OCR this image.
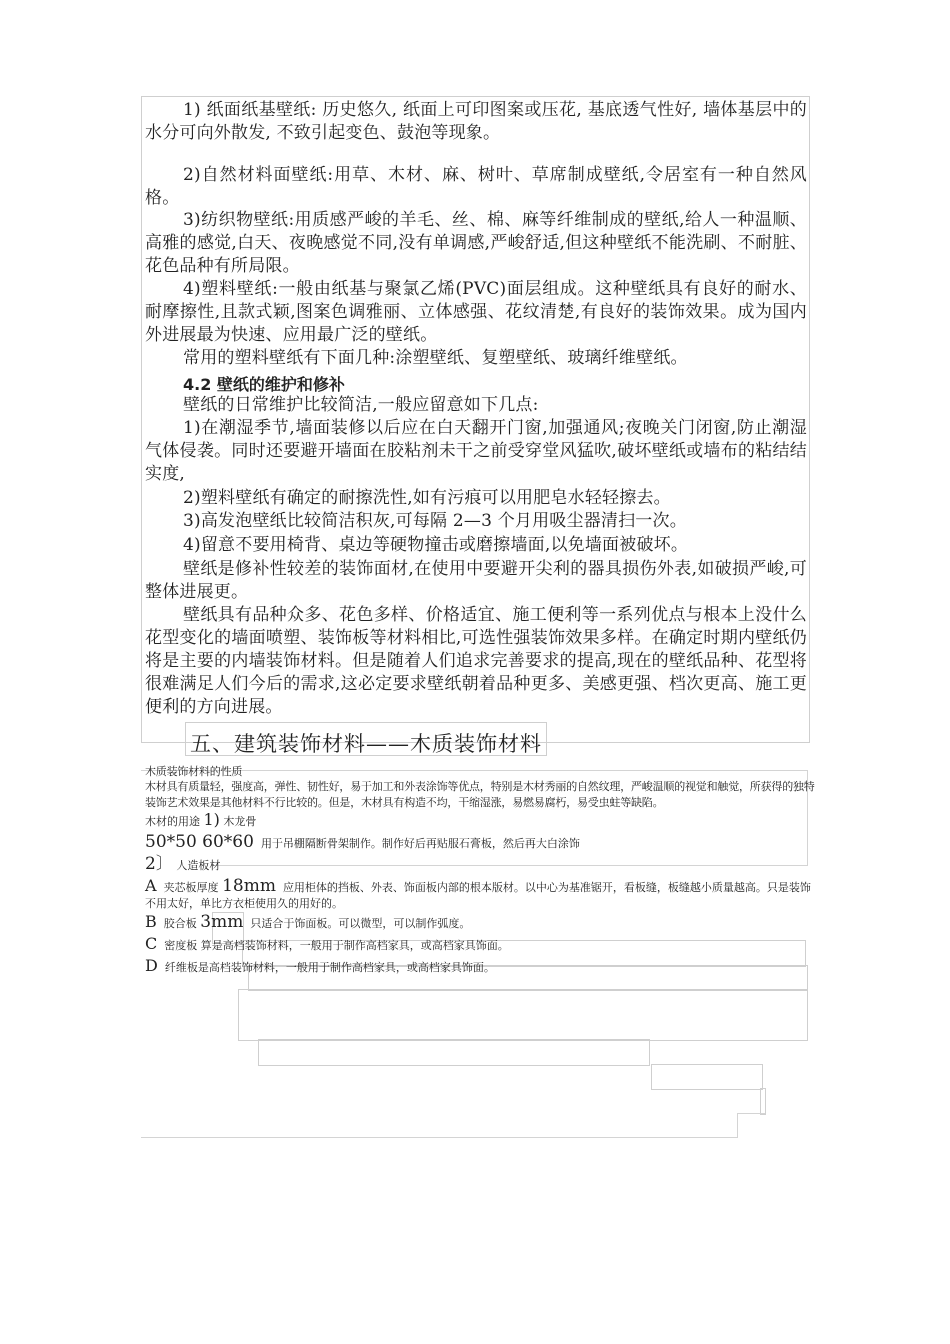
1) 纸面纸基壁纸: 历史悠久, 纸面上可印图案或压花, 基底透气性好, 墙体基层中的水分可向外散发, 不致引起变色、鼓泡等现象。

2)自然材料面壁纸:用草、木材、麻、树叶、草席制成壁纸,令居室有一种自然风格。

3)纺织物壁纸:用质感严峻的羊毛、丝、棉、麻等纤维制成的壁纸,给人一种温顺、高雅的感觉,白天、夜晚感觉不同,没有单调感,严峻舒适,但这种壁纸不能洗刷、不耐脏、花色品种有所局限。

4)塑料壁纸:一般由纸基与聚氯乙烯(PVC)面层组成。这种壁纸具有良好的耐水、耐摩擦性,且款式颖,图案色调雅丽、立体感强、花纹清楚,有良好的装饰效果。成为国内外进展最为快速、应用最广泛的壁纸。

常用的塑料壁纸有下面几种:涂塑壁纸、复塑壁纸、玻璃纤维壁纸。

4.2 壁纸的维护和修补

壁纸的日常维护比较简洁,一般应留意如下几点:

1)在潮湿季节,墙面装修以后应在白天翻开门窗,加强通风;夜晚关门闭窗,防止潮湿气体侵袭。同时还要避开墙面在胶粘剂未干之前受穿堂风猛吹,破坏壁纸或墙布的粘结结实度,

2)塑料壁纸有确定的耐擦洗性,如有污痕可以用肥皂水轻轻擦去。

3)高发泡壁纸比较简洁积灰,可每隔 2—3 个月用吸尘器清扫一次。

4)留意不要用椅背、桌边等硬物撞击或磨擦墙面,以免墙面被破坏。

壁纸是修补性较差的装饰面材,在使用中要避开尖利的器具损伤外表,如破损严峻,可整体进展更。

壁纸具有品种众多、花色多样、价格适宜、施工便利等一系列优点与根本上没什么花型变化的墙面喷塑、装饰板等材料相比,可选性强装饰效果多样。在确定时期内壁纸仍将是主要的内墙装饰材料。但是随着人们追求完善要求的提高,现在的壁纸品种、花型将很难满足人们今后的需求,这必定要求壁纸朝着品种更多、美感更强、档次更高、施工更便利的方向进展。

五、建筑装饰材料——木质装饰材料
木质装饰材料的性质

木材具有质量轻，强度高，弹性、韧性好，易于加工和外表涂饰等优点，特别是木材秀丽的自然纹理，严峻温顺的视觉和触觉，所获得的独特装饰艺术效果是其他材料不行比较的。但是，木材具有构造不均，干缩湿涨，易燃易腐朽，易受虫蛀等缺陷。

木材的用途 1) 木龙骨

50*50 60*60 用于吊棚隔断骨架制作。制作好后再贴服石膏板，然后再大白涂饰

2〕 人造板材

A 夹芯板厚度 18mm 应用柜体的挡板、外表、饰面板内部的根本版材。以中心为基准锯开，看板缝，板缝越小质量越高。只是装饰不用太好，单比方衣柜使用久的用好的。

B 胶合板 3mm 只适合于饰面板。可以微型，可以制作弧度。

C 密度板 算是高档装饰材料，一般用于制作高档家具，或高档家具饰面。

D 纤维板是高档装饰材料，一般用于制作高档家具，或高档家具饰面。
